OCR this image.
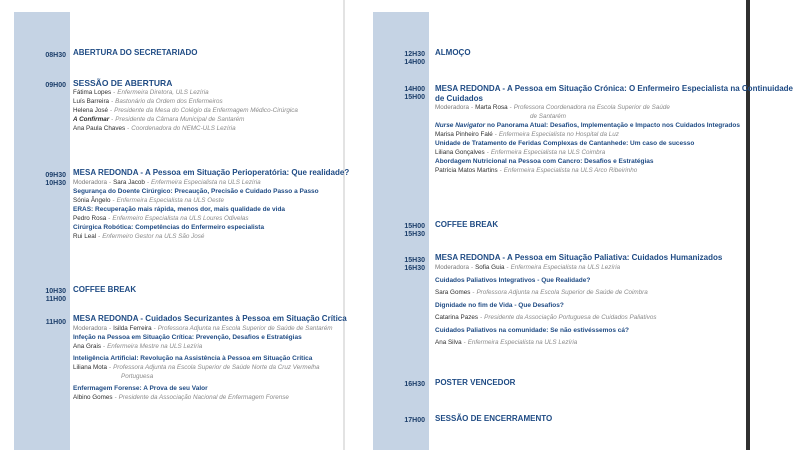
08H30 ABERTURA DO SECRETARIADO
09H00 SESSÃO DE ABERTURA
Fátima Lopes - Enfermeira Diretora, ULS Lezíria
Luís Barreira - Bastonário da Ordem dos Enfermeiros
Helena José - Presidente da Mesa do Colégio da Enfermagem Médico-Cirúrgica
A Confirmar - Presidente da Câmara Municipal de Santarém
Ana Paula Chaves - Coordenadora do NEMC-ULS Lezíria
09H30
10H30
MESA REDONDA - A Pessoa em Situação Perioperatória: Que realidade?
Moderadora - Sara Jacob - Enfermeira Especialista na ULS Lezíria
Segurança do Doente Cirúrgico: Precaução, Precisão e Cuidado Passo a Passo
Sónia Ângelo - Enfermeira Especialista na ULS Oeste
ERAS: Recuperação mais rápida, menos dor, mais qualidade de vida
Pedro Rosa - Enfermeiro Especialista na ULS Loures Odivelas
Cirúrgica Robótica: Competências do Enfermeiro especialista
Rui Leal - Enfermeiro Gestor na ULS São José
10H30
11H00
COFFEE BREAK
11H00 MESA REDONDA - Cuidados Securizantes à Pessoa em Situação Crítica
Moderadora - Isilda Ferreira - Professora Adjunta na Escola Superior de Saúde de Santarém
Infeção na Pessoa em Situação Crítica: Prevenção, Desafios e Estratégias
Ana Grais - Enfermeira Mestre na ULS Lezíria
Inteligência Artificial: Revolução na Assistência à Pessoa em Situação Crítica
Liliana Mota - Professora Adjunta na Escola Superior de Saúde Norte da Cruz Vermelha
Portuguesa
Enfermagem Forense: A Prova de seu Valor
Albino Gomes - Presidente da Associação Nacional de Enfermagem Forense
12H30
14H00
ALMOÇO
14H00
15H00
MESA REDONDA - A Pessoa em Situação Crónica: O Enfermeiro Especialista na Continuidade
de Cuidados
Moderadora - Marta Rosa - Professora Coordenadora na Escola Superior de Saúde
de Santarém
Nurse Navigator no Panorama Atual: Desafios, Implementação e Impacto nos Cuidados Integrados
Marisa Pinheiro Falé - Enfermeira Especialista no Hospital da Luz
Unidade de Tratamento de Feridas Complexas de Cantanhede: Um caso de sucesso
Liliana Gonçalves - Enfermeira Especialista na ULS Coimbra
Abordagem Nutricional na Pessoa com Cancro: Desafios e Estratégias
Patrícia Matos Martins - Enfermeira Especialista na ULS Arco Ribeirinho
15H00
15H30
COFFEE BREAK
15H30
16H30
MESA REDONDA - A Pessoa em Situação Paliativa: Cuidados Humanizados
Moderadora - Sofia Guia - Enfermeira Especialista na ULS Lezíria
Cuidados Paliativos Integrativos - Que Realidade?
Sara Gomes - Professora Adjunta na Escola Superior de Saúde de Coimbra
Dignidade no fim de Vida - Que Desafios?
Catarina Pazes - Presidente da Associação Portuguesa de Cuidados Paliativos
Cuidados Paliativos na comunidade: Se não estivéssemos cá?
Ana Silva - Enfermeira Especialista na ULS Lezíria
16H30 POSTER VENCEDOR
17H00 SESSÃO DE ENCERRAMENTO
